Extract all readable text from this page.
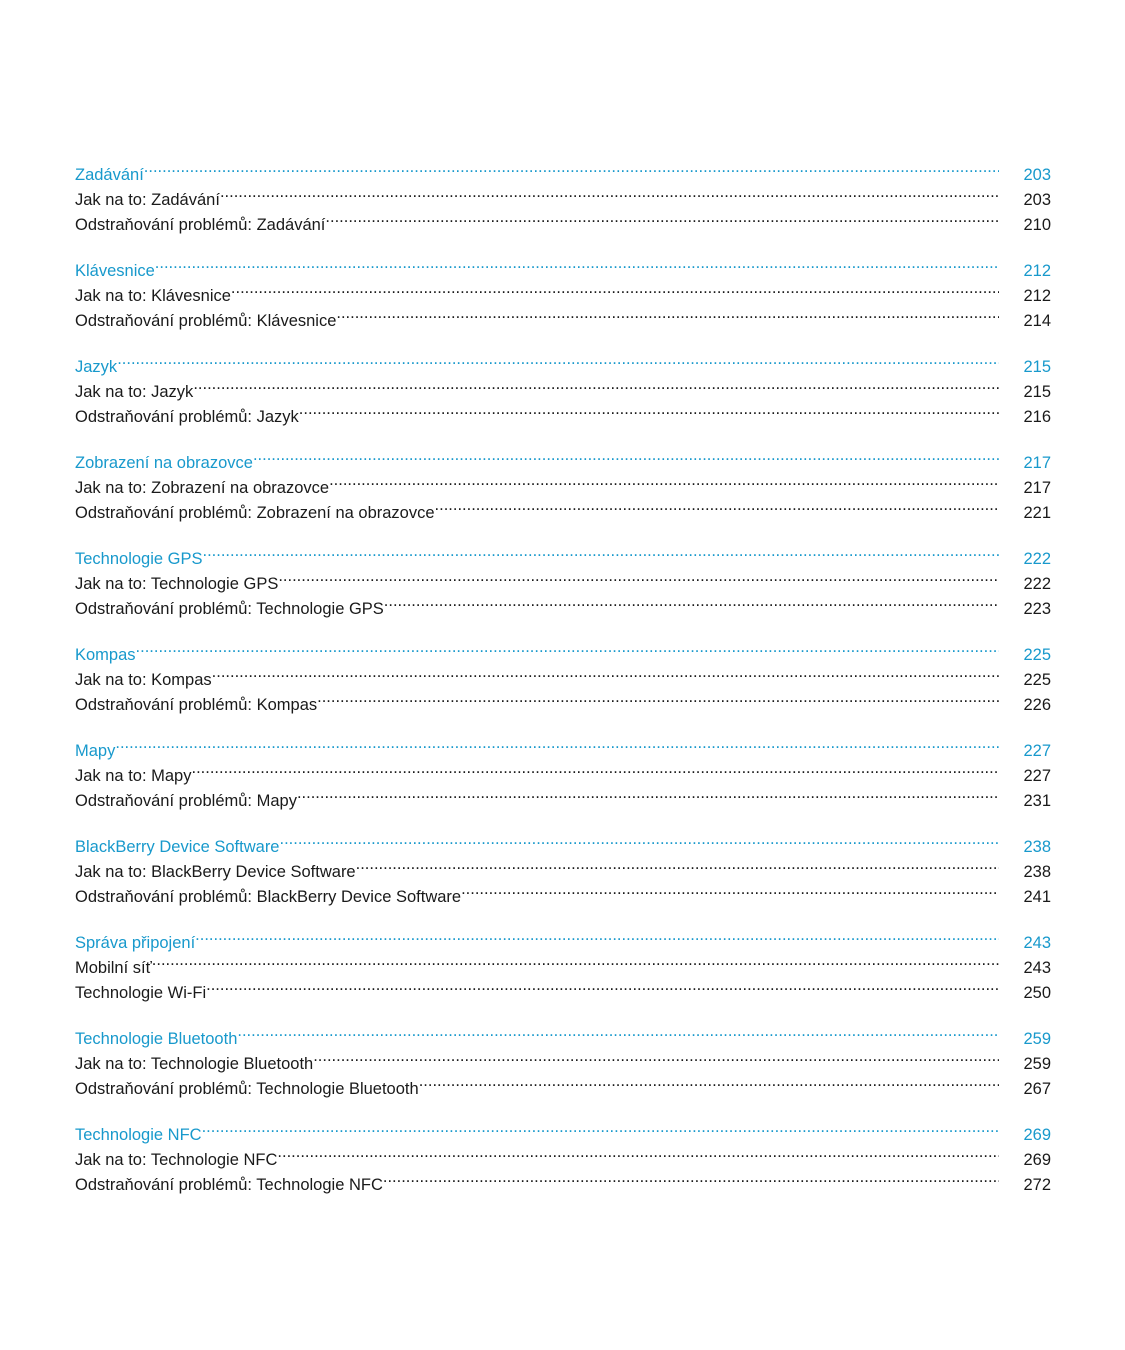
Zadávání .....	203
Jak na to: Zadávání .....	203
Odstraňování problémů: Zadávání .....	210
Klávesnice .....	212
Jak na to: Klávesnice .....	212
Odstraňování problémů: Klávesnice .....	214
Jazyk .....	215
Jak na to: Jazyk .....	215
Odstraňování problémů: Jazyk .....	216
Zobrazení na obrazovce .....	217
Jak na to: Zobrazení na obrazovce .....	217
Odstraňování problémů: Zobrazení na obrazovce .....	221
Technologie GPS .....	222
Jak na to: Technologie GPS .....	222
Odstraňování problémů: Technologie GPS .....	223
Kompas .....	225
Jak na to: Kompas .....	225
Odstraňování problémů: Kompas .....	226
Mapy .....	227
Jak na to: Mapy .....	227
Odstraňování problémů: Mapy .....	231
BlackBerry Device Software .....	238
Jak na to: BlackBerry Device Software .....	238
Odstraňování problémů: BlackBerry Device Software .....	241
Správa připojení .....	243
Mobilní síť .....	243
Technologie Wi-Fi .....	250
Technologie Bluetooth .....	259
Jak na to: Technologie Bluetooth .....	259
Odstraňování problémů: Technologie Bluetooth .....	267
Technologie NFC .....	269
Jak na to: Technologie NFC .....	269
Odstraňování problémů: Technologie NFC .....	272
